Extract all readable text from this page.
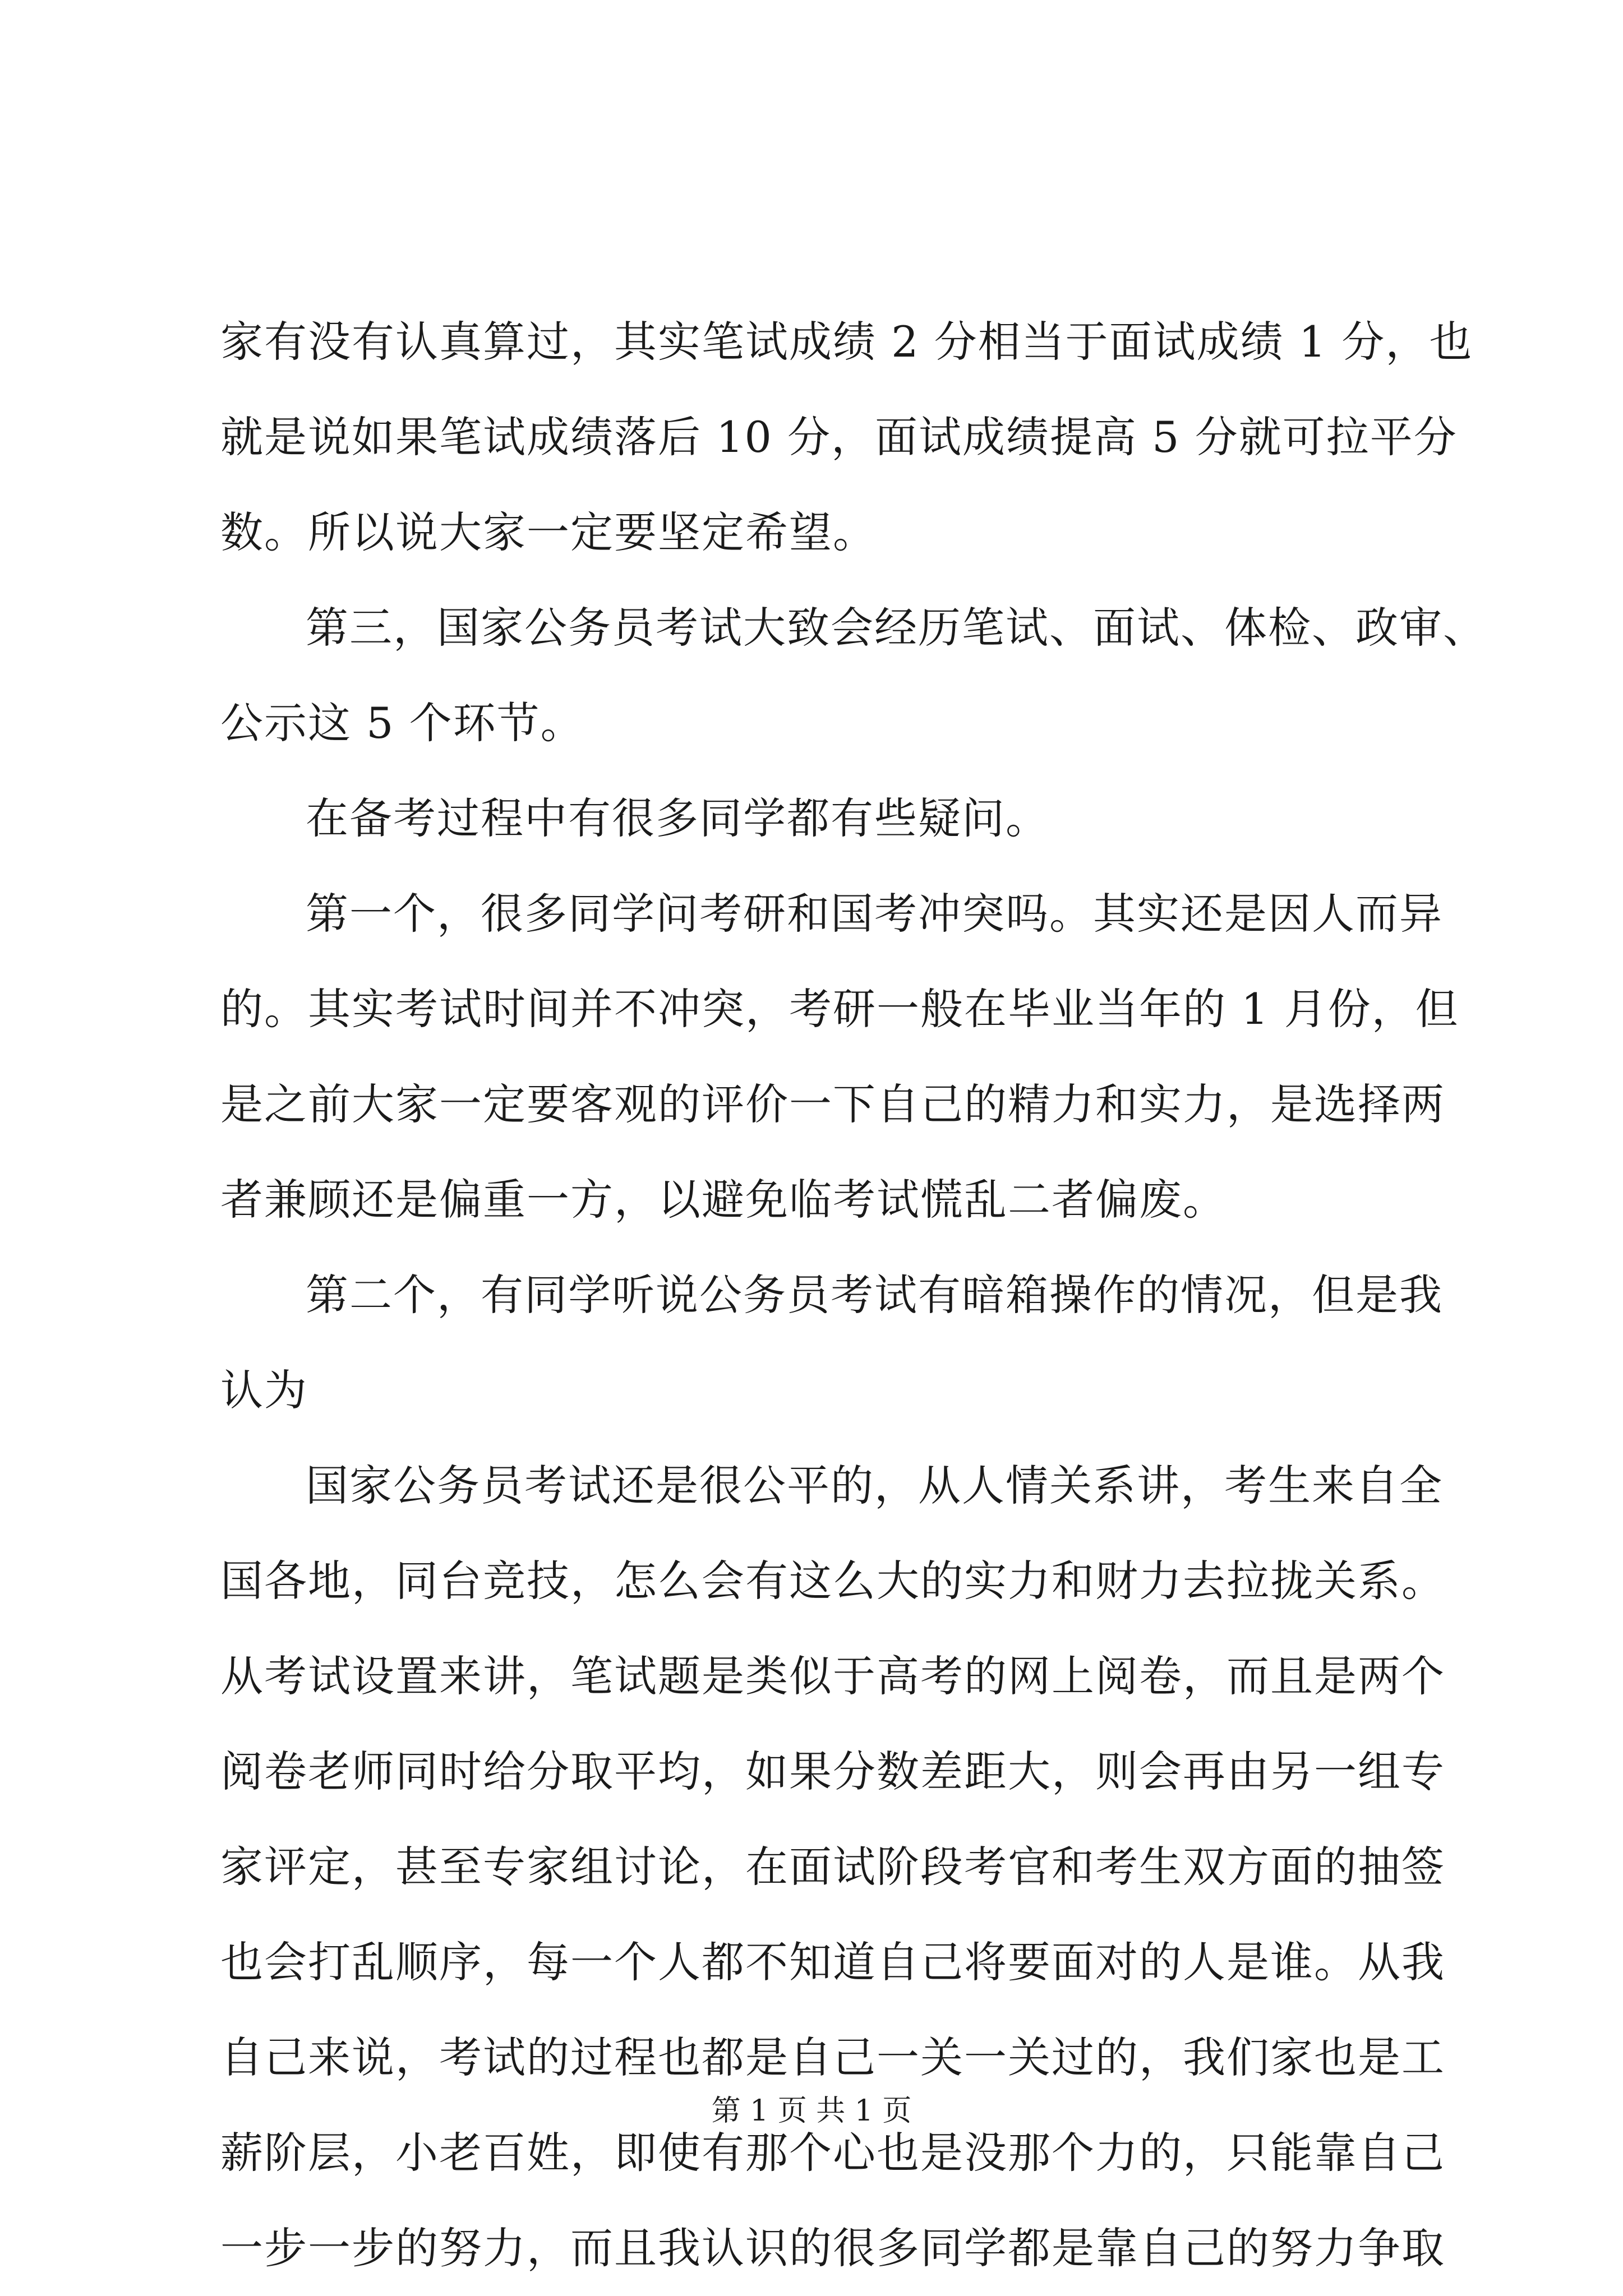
家有没有认真算过，其实笔试成绩 2 分相当于面试成绩 1 分，也
就是说如果笔试成绩落后 10 分，面试成绩提高 5 分就可拉平分
数。所以说大家一定要坚定希望。
第三，国家公务员考试大致会经历笔试、面试、体检、政审、
公示这 5 个环节。
在备考过程中有很多同学都有些疑问。
第一个，很多同学问考研和国考冲突吗。其实还是因人而异
的。其实考试时间并不冲突，考研一般在毕业当年的 1 月份，但
是之前大家一定要客观的评价一下自己的精力和实力，是选择两
者兼顾还是偏重一方，以避免临考试慌乱二者偏废。
第二个，有同学听说公务员考试有暗箱操作的情况，但是我
认为
国家公务员考试还是很公平的，从人情关系讲，考生来自全
国各地，同台竞技，怎么会有这么大的实力和财力去拉拢关系。
从考试设置来讲，笔试题是类似于高考的网上阅卷，而且是两个
阅卷老师同时给分取平均，如果分数差距大，则会再由另一组专
家评定，甚至专家组讨论，在面试阶段考官和考生双方面的抽签
也会打乱顺序，每一个人都不知道自己将要面对的人是谁。从我
自己来说，考试的过程也都是自己一关一关过的，我们家也是工
薪阶层，小老百姓，即使有那个心也是没那个力的，只能靠自己
一步一步的努力，而且我认识的很多同学都是靠自己的努力争取
第 1 页 共 1 页
